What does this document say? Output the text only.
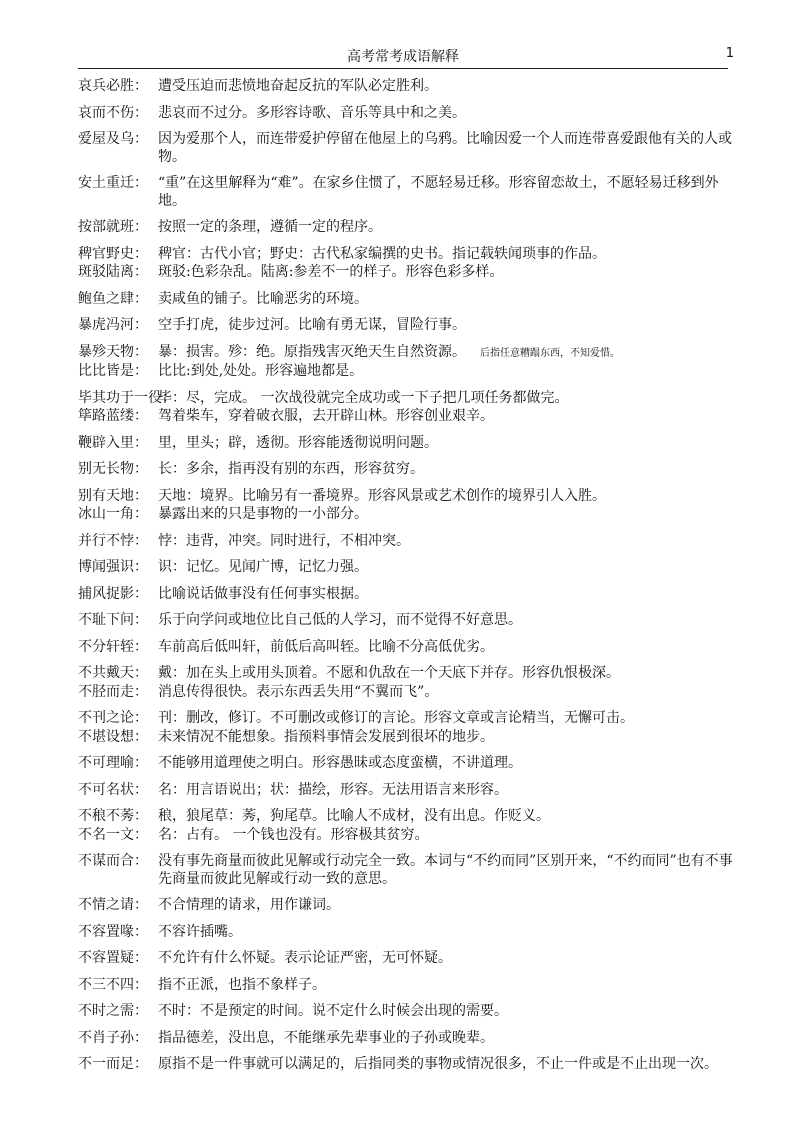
高考常考成语解释	1
哀兵必胜： 遭受压迫而悲愤地奋起反抗的军队必定胜利。
哀而不伤： 悲哀而不过分。多形容诗歌、音乐等具中和之美。
爱屋及乌： 因为爱那个人，而连带爱护停留在他屋上的乌鸦。比喻因爱一个人而连带喜爱跟他有关的人或物。
安土重迁： “重”在这里解释为“难”。在家乡住惯了，不愿轻易迁移。形容留恋故土，不愿轻易迁移到外地。
按部就班： 按照一定的条理，遵循一定的程序。
稗官野史： 稗官：古代小官；野史：古代私家编撰的史书。指记载轶闻琐事的作品。
斑驳陆离： 斑驳:色彩杂乱。陆离:参差不一的样子。形容色彩多样。
鲍鱼之肆： 卖咸鱼的铺子。比喻恶劣的环境。
暴虎冯河： 空手打虎，徒步过河。比喻有勇无谋，冒险行事。
暴殄天物： 暴：损害。殄：绝。原指残害灭绝天生自然资源。 后指任意糟蹋东西，不知爱惜。
比比皆是： 比比:到处,处处。形容遍地都是。
毕其功于一役：
毕：尽，完成。 一次战役就完全成功或一下子把几项任务都做完。
筚路蓝缕： 驾着柴车，穿着破衣服，去开辟山林。形容创业艰辛。
鞭辟入里： 里，里头；辟，透彻。形容能透彻说明问题。
别无长物： 长：多余，指再没有别的东西，形容贫穷。
别有天地： 天地：境界。比喻另有一番境界。形容风景或艺术创作的境界引人入胜。
冰山一角： 暴露出来的只是事物的一小部分。
并行不悖： 悖：违背，冲突。同时进行，不相冲突。
博闻强识： 识：记忆。见闻广博，记忆力强。
捕风捉影： 比喻说话做事没有任何事实根据。
不耻下问： 乐于向学问或地位比自己低的人学习，而不觉得不好意思。
不分轩轾： 车前高后低叫轩，前低后高叫轾。比喻不分高低优劣。
不共戴天： 戴：加在头上或用头顶着。不愿和仇敌在一个天底下并存。形容仇恨极深。
不胫而走： 消息传得很快。表示东西丢失用“不翼而飞”。
不刊之论： 刊：删改，修订。不可删改或修订的言论。形容文章或言论精当，无懈可击。
不堪设想： 未来情况不能想象。指预料事情会发展到很坏的地步。
不可理喻： 不能够用道理使之明白。形容愚昧或态度蛮横，不讲道理。
不可名状： 名：用言语说出；状：描绘，形容。无法用语言来形容。
不稂不莠： 稂，狼尾草：莠，狗尾草。比喻人不成材，没有出息。作贬义。
不名一文： 名：占有。 一个钱也没有。形容极其贫穷。
不谋而合： 没有事先商量而彼此见解或行动完全一致。本词与“不约而同”区别开来，“不约而同”也有不事先商量而彼此见解或行动一致的意思。
不情之请： 不合情理的请求，用作谦词。
不容置喙： 不容许插嘴。
不容置疑： 不允许有什么怀疑。表示论证严密，无可怀疑。
不三不四： 指不正派，也指不象样子。
不时之需： 不时：不是预定的时间。说不定什么时候会出现的需要。
不肖子孙： 指品德差，没出息，不能继承先辈事业的子孙或晚辈。
不一而足： 原指不是一件事就可以满足的，后指同类的事物或情况很多，不止一件或是不止出现一次。
